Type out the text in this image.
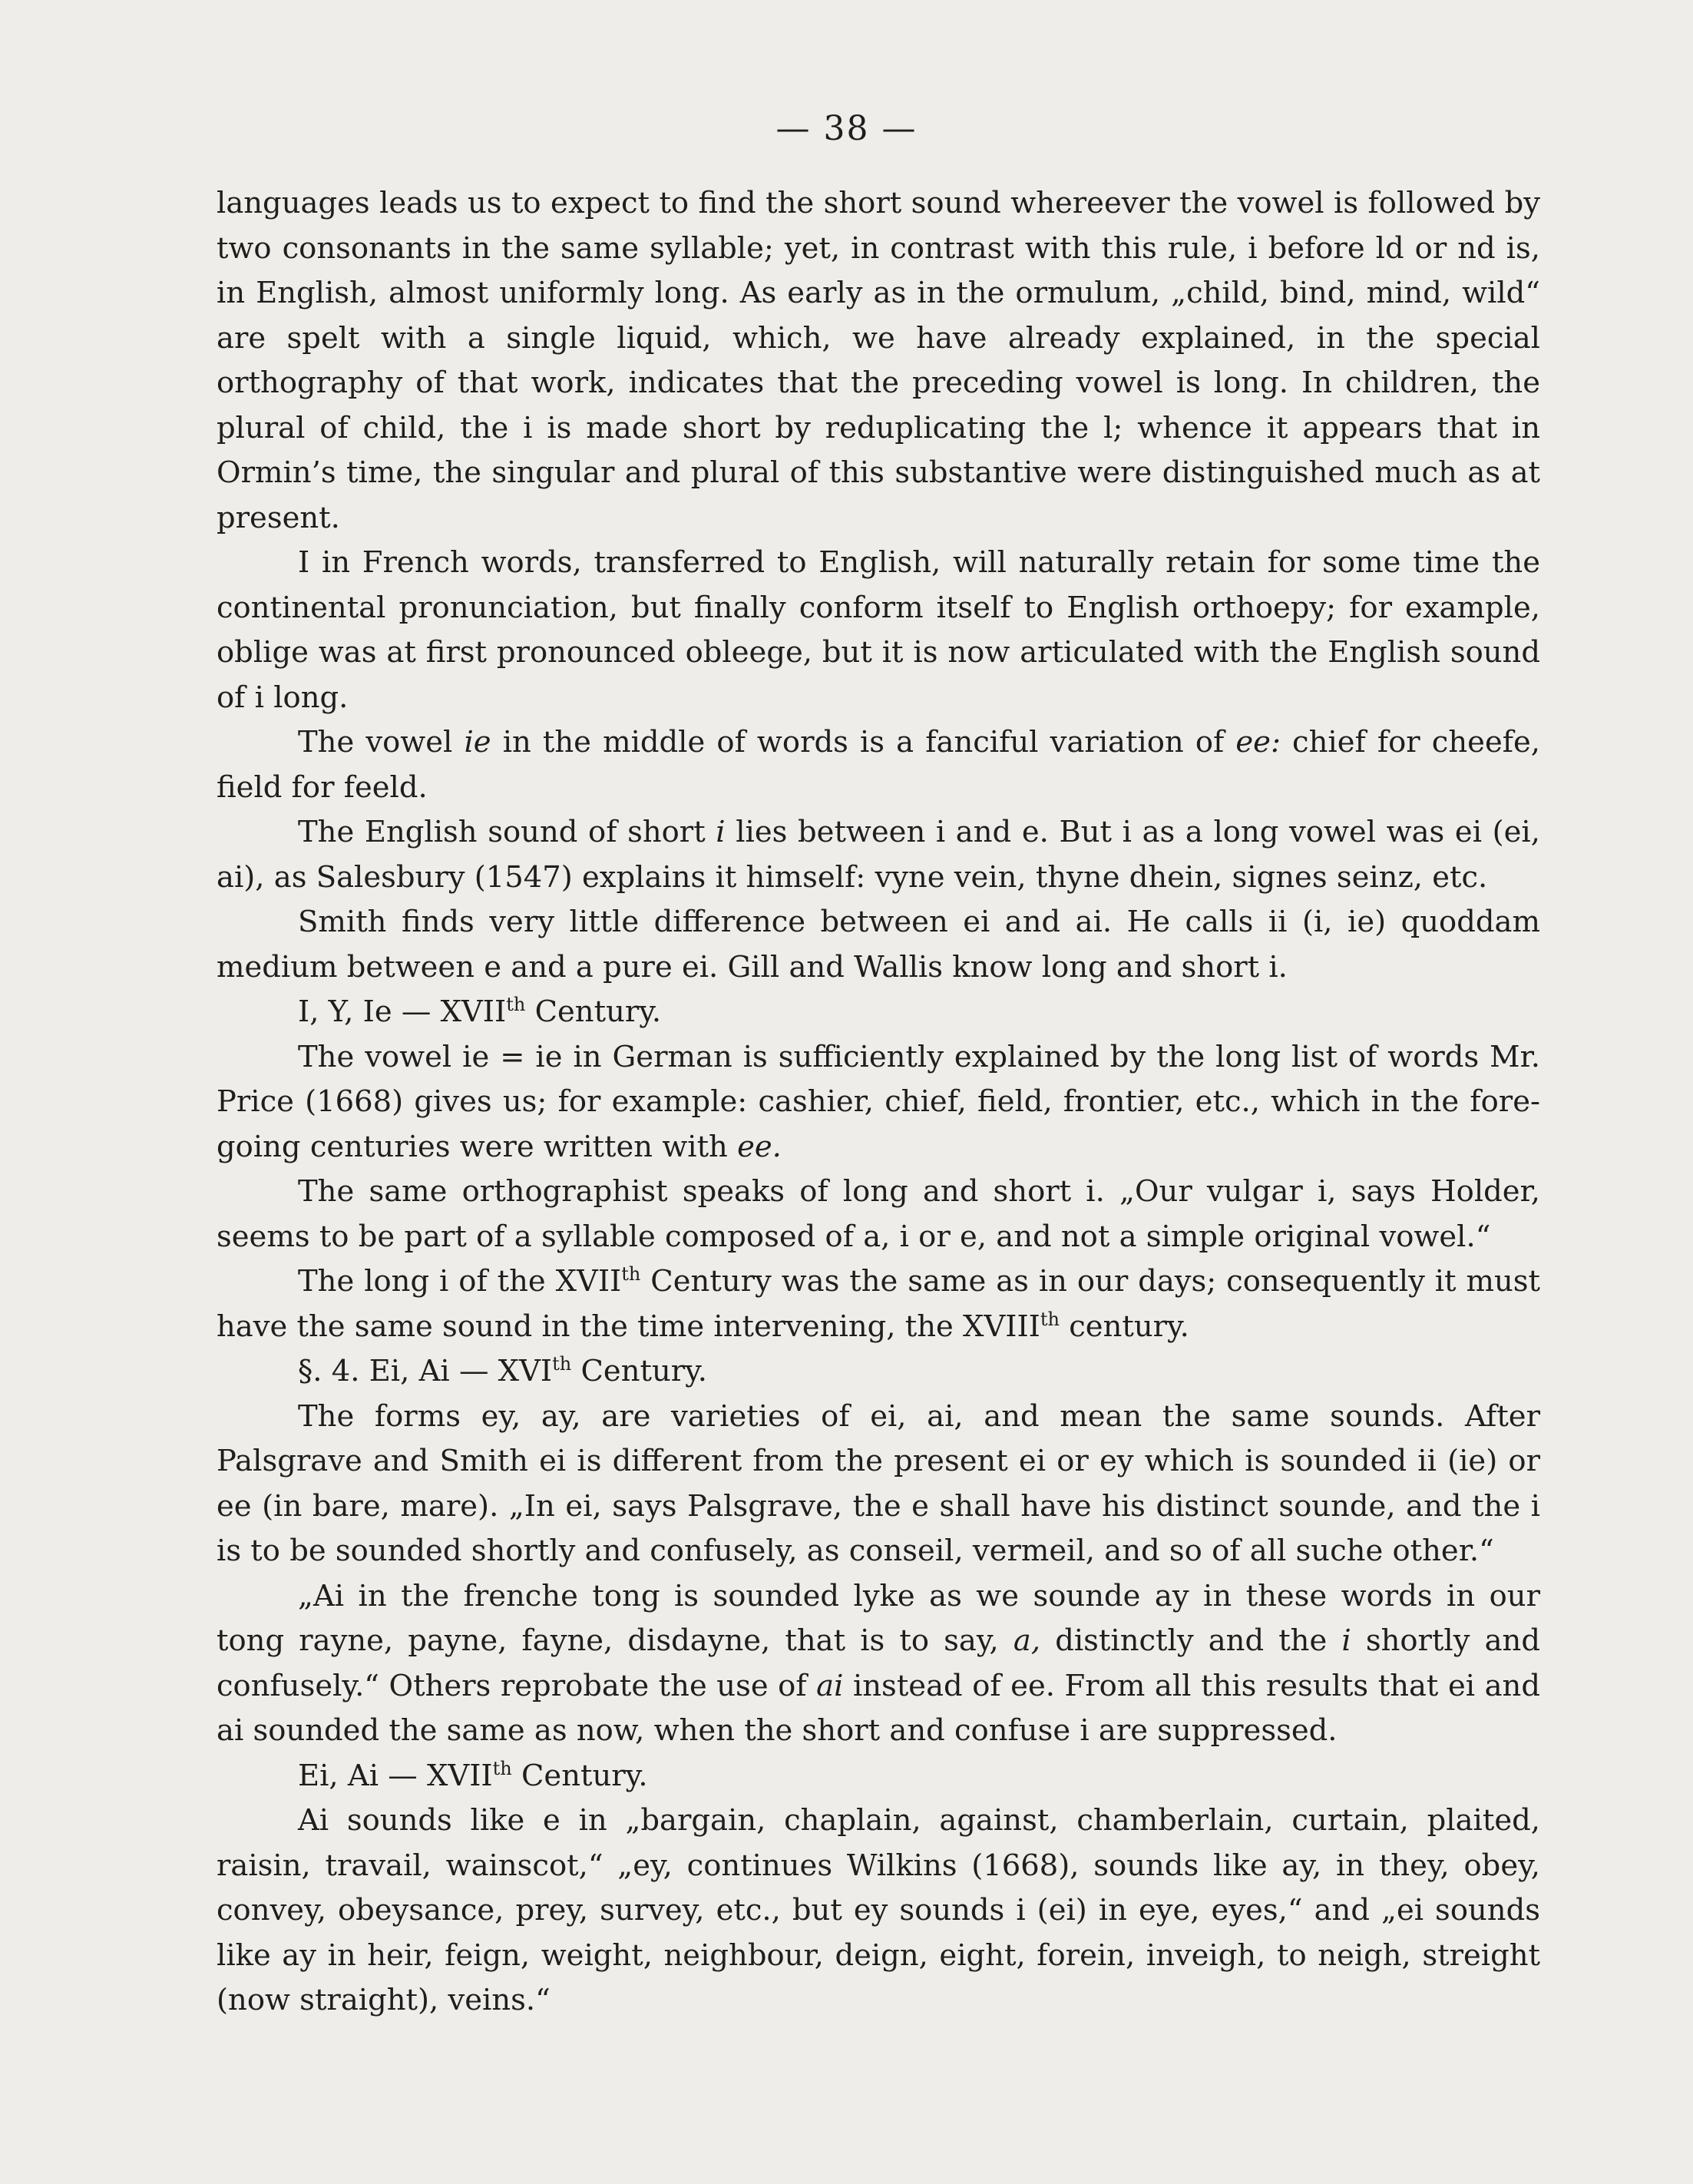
— 38 —

languages leads us to expect to find the short sound whereever the vowel is followed by two consonants in the same syllable; yet, in contrast with this rule, i before ld or nd is, in English, almost uniformly long. As early as in the ormulum, „child, bind, mind, wild“ are spelt with a single liquid, which, we have already explained, in the special orthography of that work, indicates that the preceding vowel is long. In children, the plural of child, the i is made short by reduplicating the l; whence it appears that in Ormin’s time, the singular and plural of this substantive were distinguished much as at present.

I in French words, transferred to English, will naturally retain for some time the continental pronunciation, but finally conform itself to English orthoepy; for example, oblige was at first pronounced obleege, but it is now articulated with the English sound of i long.

The vowel ie in the middle of words is a fanciful variation of ee: chief for cheefe, field for feeld.

The English sound of short i lies between i and e. But i as a long vowel was ei (ei, ai), as Salesbury (1547) explains it himself: vyne vein, thyne dhein, signes seinz, etc.

Smith finds very little difference between ei and ai. He calls ii (i, ie) quoddam medium between e and a pure ei. Gill and Wallis know long and short i.

I, Y, Ie — XVIIth Century.

The vowel ie = ie in German is sufficiently explained by the long list of words Mr. Price (1668) gives us; for example: cashier, chief, field, frontier, etc., which in the fore-going centuries were written with ee.

The same orthographist speaks of long and short i. „Our vulgar i, says Holder, seems to be part of a syllable composed of a, i or e, and not a simple original vowel.“

The long i of the XVIIth Century was the same as in our days; consequently it must have the same sound in the time intervening, the XVIIIth century.

§. 4. Ei, Ai — XVIth Century.

The forms ey, ay, are varieties of ei, ai, and mean the same sounds. After Palsgrave and Smith ei is different from the present ei or ey which is sounded ii (ie) or ee (in bare, mare). „In ei, says Palsgrave, the e shall have his distinct sounde, and the i is to be sounded shortly and confusely, as conseil, vermeil, and so of all suche other.“

„Ai in the frenche tong is sounded lyke as we sounde ay in these words in our tong rayne, payne, fayne, disdayne, that is to say, a, distinctly and the i shortly and confusely.“ Others reprobate the use of ai instead of ee. From all this results that ei and ai sounded the same as now, when the short and confuse i are suppressed.

Ei, Ai — XVIIth Century.

Ai sounds like e in „bargain, chaplain, against, chamberlain, curtain, plaited, raisin, travail, wainscot,“ „ey, continues Wilkins (1668), sounds like ay, in they, obey, convey, obeysance, prey, survey, etc., but ey sounds i (ei) in eye, eyes,“ and „ei sounds like ay in heir, feign, weight, neighbour, deign, eight, forein, inveigh, to neigh, streight (now straight), veins.“
